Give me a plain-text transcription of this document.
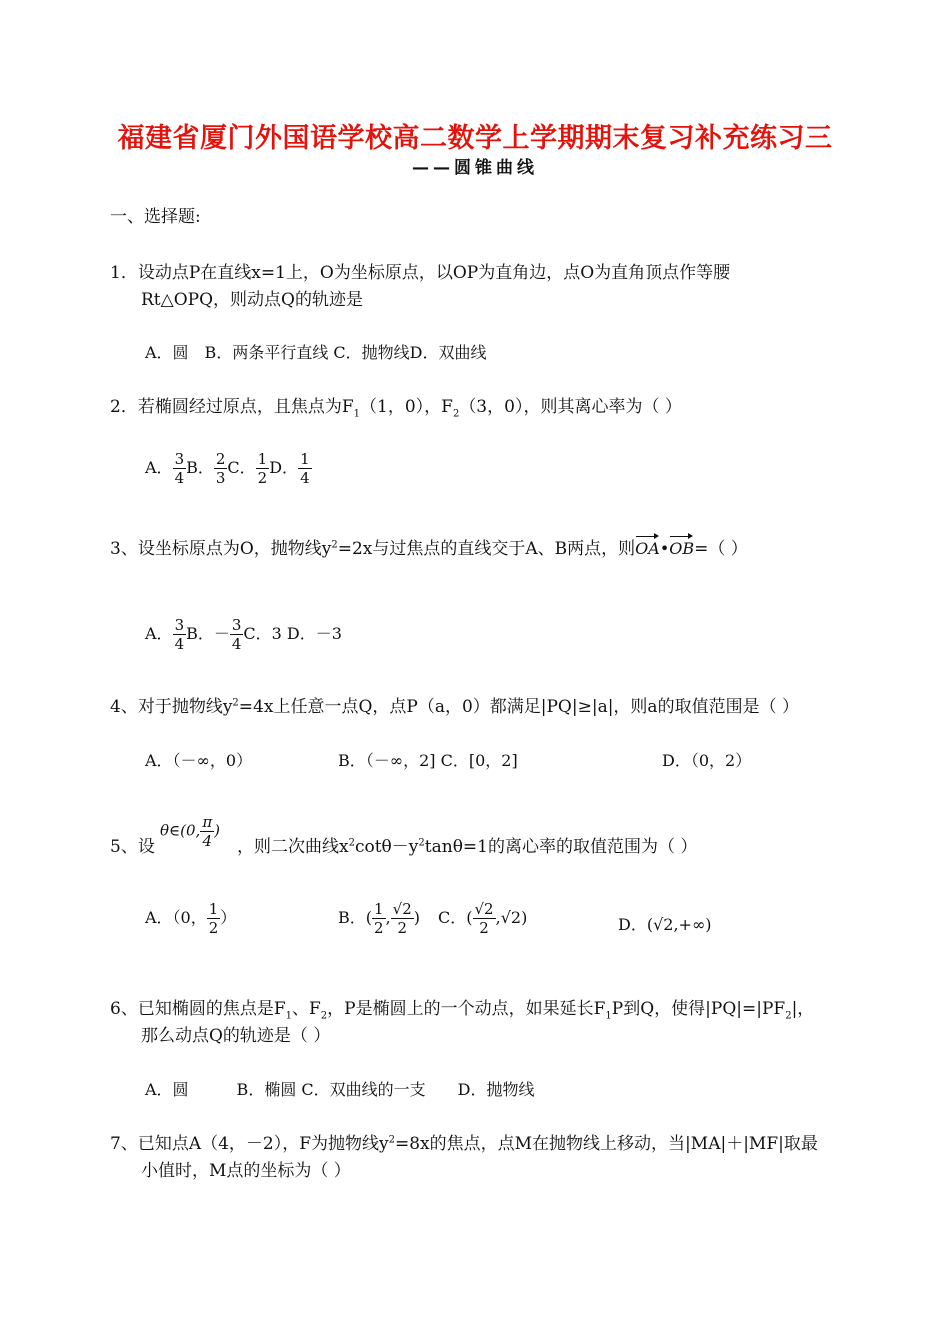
福建省厦门外国语学校高二数学上学期期末复习补充练习三
——圆锥曲线
一、选择题:
1．设动点P在直线x=1上，O为坐标原点，以OP为直角边，点O为直角顶点作等腰
Rt△OPQ，则动点Q的轨迹是
A．圆　B．两条平行直线 C．抛物线D．双曲线
2．若椭圆经过原点，且焦点为$F_1(1$，0），$F_2(3$，0），则其离心率为（ ）
A． $\frac{3}{4}$ B． $\frac{2}{3}$ C． $\frac{1}{2}$ D． $\frac{1}{4}$
3、设坐标原点为O，抛物线$y^2=2x$与过焦点的直线交于A、B两点，则OA•OB=（ ）
A． $\frac{3}{4}$ B．－ $\frac{3}{4}$ C．3 D．－3
4、对于抛物线$y^2=4x$上任意一点Q，点P（a，0）都满足|PQ|≥|a|，则a的取值范围是（ ）
A．（－∞，0）	B．（－∞，2] C．[0，2]	D．（0，2）
5、设
θ∈(0, $\frac{\pi}{4}$ )
，则二次曲线$x^2\cot\theta-y^2\tan\theta=1$的离心率的取值范围为（ ）
A．（0， $\frac{1}{2}$ ）	B．( $\frac{1}{2}$ , $\frac{√2}{2}$ ) C．( $\frac{√2}{2} ,√2$)	D．(√2,+∞)
6、已知椭圆的焦点是$F_1$、$F_2$，P是椭圆上的一个动点，如果延长$F_1P$到Q，使得$|PQ|=|PF_2|$，
那么动点Q的轨迹是（ ）
A．圆　　　B．椭圆 C．双曲线的一支　　D．抛物线
7、已知点A（4，－2），F为抛物线$y^2=8x$的焦点，点M在抛物线上移动，当|MA|＋|MF|取最
小值时，M点的坐标为（ ）
